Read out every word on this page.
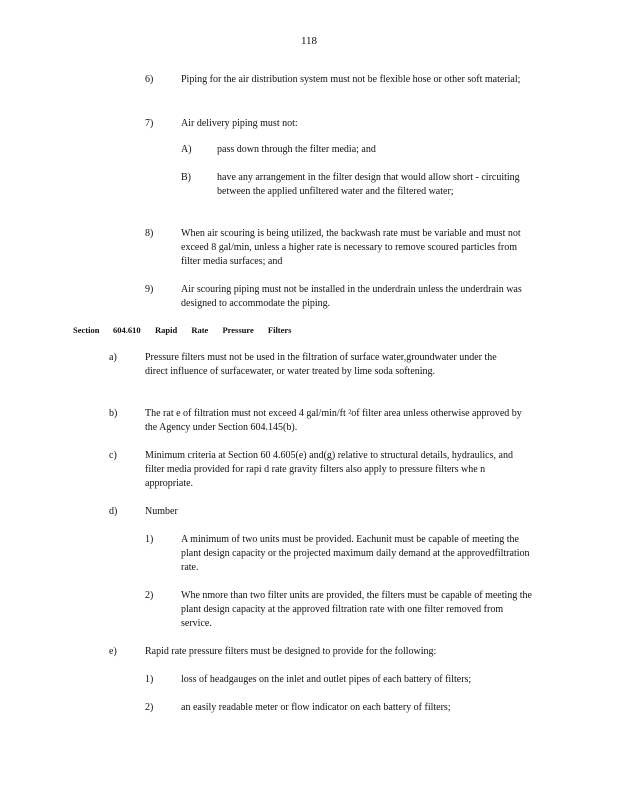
118
6)	Piping for the air distribution system must not be flexible hose or other soft material;
7)	Air delivery piping must not:
A)	pass down through the filter media; and
B)	have any arrangement in the filter design that would allow short - circuiting between the applied unfiltered water and the filtered water;
8)	When air scouring is being utilized, the backwash rate must be variable and must not exceed 8 gal/min, unless a higher rate is necessary to remove scoured particles from filter media surfaces; and
9)	Air scouring piping must not be installed in the underdrain unless the underdrain was designed to accommodate the piping.
Section 604.610 Rapid Rate Pressure Filters
a)	Pressure filters must not be used in the filtration of surface water,groundwater under the direct influence of surfacewater, or water treated by lime soda softening.
b)	The rat e of filtration must not exceed 4 gal/min/ft ²of filter area unless otherwise approved by the Agency under Section 604.145(b).
c)	Minimum criteria at Section 60 4.605(e) and(g) relative to structural details, hydraulics, and filter media provided for rapi d rate gravity filters also apply to pressure filters whe n appropriate.
d)	Number
1)	A minimum of two units must be provided. Eachunit must be capable of meeting the plant design capacity or the projected maximum daily demand at the approvedfiltration rate.
2)	Whe nmore than two filter units are provided, the filters must be capable of meeting the plant design capacity at the approved filtration rate with one filter removed from service.
e)	Rapid rate pressure filters must be designed to provide for the following:
1)	loss of headgauges on the inlet and outlet pipes of each battery of filters;
2)	an easily readable meter or flow indicator on each battery of filters;
